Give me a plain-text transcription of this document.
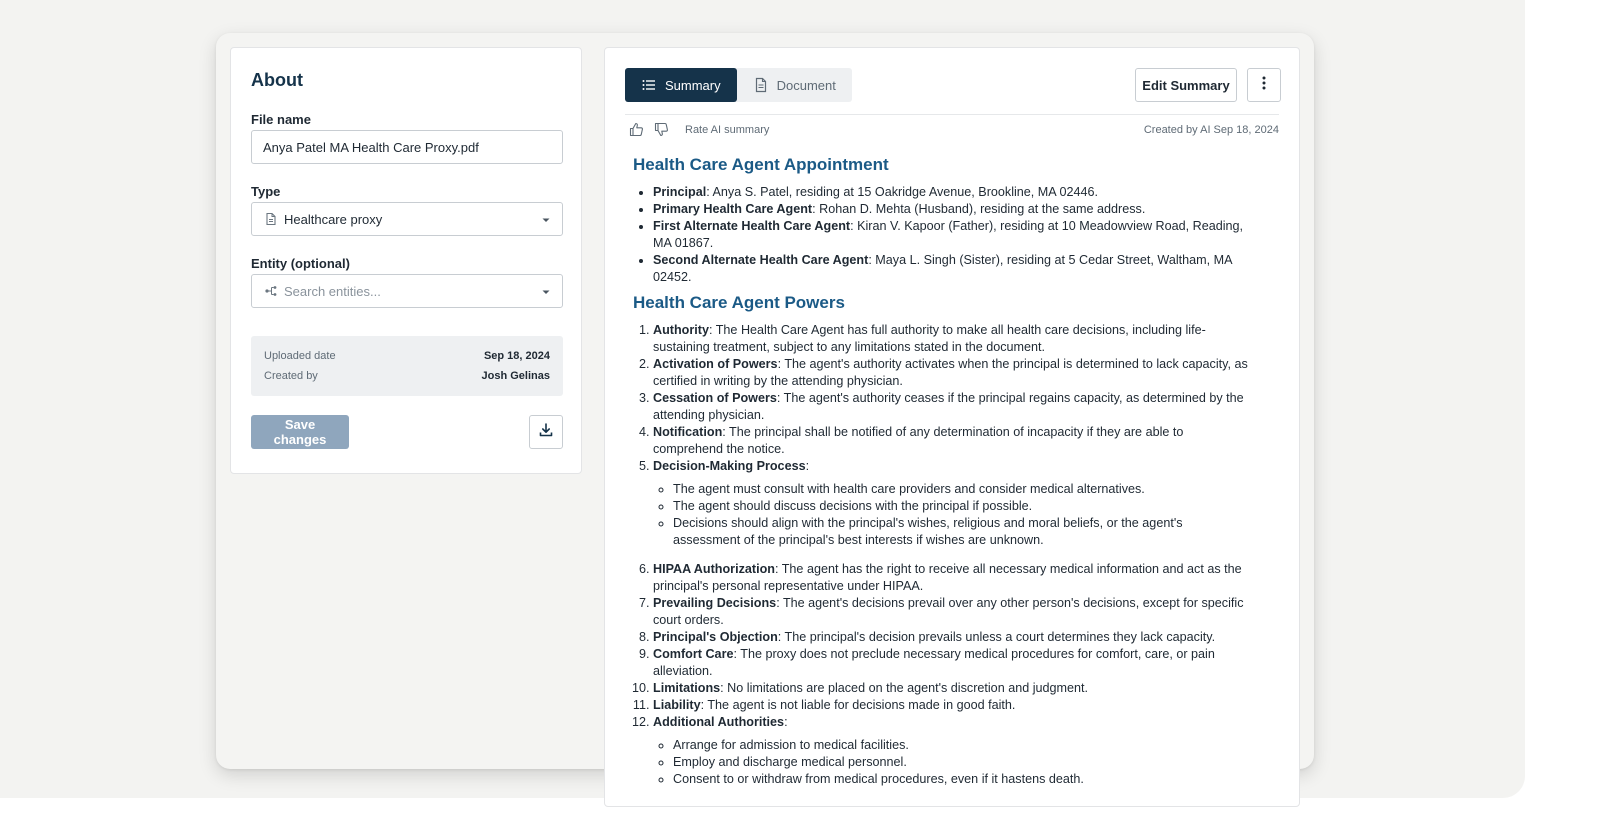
About
File name
Anya Patel MA Health Care Proxy.pdf
Type
Healthcare proxy
Entity (optional)
Search entities...
Uploaded date	Sep 18, 2024
Created by	Josh Gelinas
Save changes
Summary	Document	Edit Summary
Rate AI summary	Created by AI Sep 18, 2024
Health Care Agent Appointment
• Principal: Anya S. Patel, residing at 15 Oakridge Avenue, Brookline, MA 02446.
• Primary Health Care Agent: Rohan D. Mehta (Husband), residing at the same address.
• First Alternate Health Care Agent: Kiran V. Kapoor (Father), residing at 10 Meadowview Road, Reading, MA 01867.
• Second Alternate Health Care Agent: Maya L. Singh (Sister), residing at 5 Cedar Street, Waltham, MA 02452.
Health Care Agent Powers
1. Authority: The Health Care Agent has full authority to make all health care decisions, including life-sustaining treatment, subject to any limitations stated in the document.
2. Activation of Powers: The agent's authority activates when the principal is determined to lack capacity, as certified in writing by the attending physician.
3. Cessation of Powers: The agent's authority ceases if the principal regains capacity, as determined by the attending physician.
4. Notification: The principal shall be notified of any determination of incapacity if they are able to comprehend the notice.
5. Decision-Making Process:
◦ The agent must consult with health care providers and consider medical alternatives.
◦ The agent should discuss decisions with the principal if possible.
◦ Decisions should align with the principal's wishes, religious and moral beliefs, or the agent's assessment of the principal's best interests if wishes are unknown.
6. HIPAA Authorization: The agent has the right to receive all necessary medical information and act as the principal's personal representative under HIPAA.
7. Prevailing Decisions: The agent's decisions prevail over any other person's decisions, except for specific court orders.
8. Principal's Objection: The principal's decision prevails unless a court determines they lack capacity.
9. Comfort Care: The proxy does not preclude necessary medical procedures for comfort, care, or pain alleviation.
10. Limitations: No limitations are placed on the agent's discretion and judgment.
11. Liability: The agent is not liable for decisions made in good faith.
12. Additional Authorities:
◦ Arrange for admission to medical facilities.
◦ Employ and discharge medical personnel.
◦ Consent to or withdraw from medical procedures, even if it hastens death.
